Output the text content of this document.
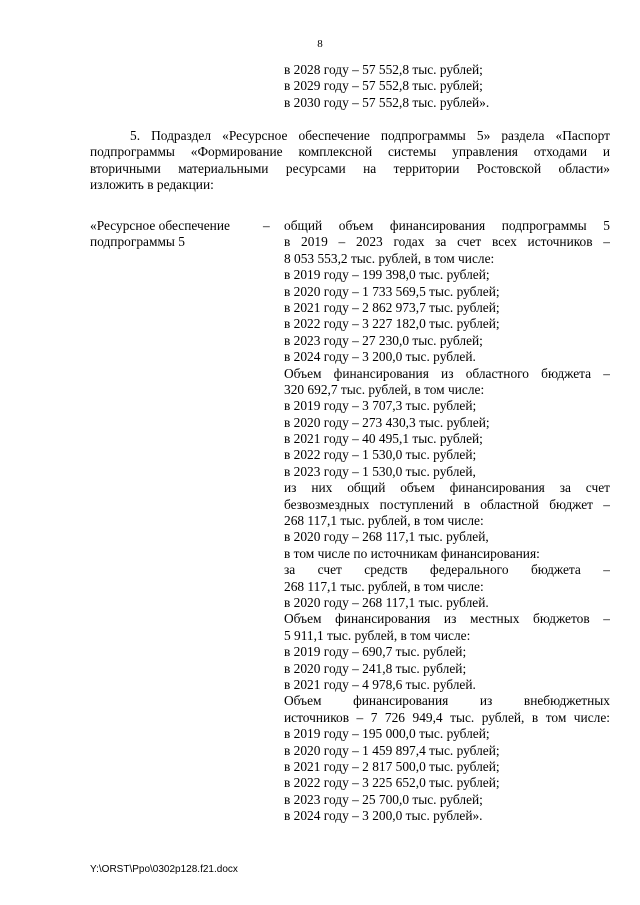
8
в 2028 году – 57 552,8 тыс. рублей;
в 2029 году – 57 552,8 тыс. рублей;
в 2030 году – 57 552,8 тыс. рублей».
5. Подраздел «Ресурсное обеспечение подпрограммы 5» раздела «Паспорт
подпрограммы «Формирование комплексной системы управления отходами и
вторичными материальными ресурсами на территории Ростовской области»
изложить в редакции:
«Ресурсное обеспечение
подпрограммы 5
– общий объем финансирования подпрограммы 5
в 2019 – 2023 годах за счет всех источников –
8 053 553,2 тыс. рублей, в том числе:
в 2019 году – 199 398,0 тыс. рублей;
в 2020 году – 1 733 569,5 тыс. рублей;
в 2021 году – 2 862 973,7 тыс. рублей;
в 2022 году – 3 227 182,0 тыс. рублей;
в 2023 году – 27 230,0 тыс. рублей;
в 2024 году – 3 200,0 тыс. рублей.
Объем финансирования из областного бюджета –
320 692,7 тыс. рублей, в том числе:
в 2019 году – 3 707,3 тыс. рублей;
в 2020 году – 273 430,3 тыс. рублей;
в 2021 году – 40 495,1 тыс. рублей;
в 2022 году – 1 530,0 тыс. рублей;
в 2023 году – 1 530,0 тыс. рублей,
из них общий объем финансирования за счет
безвозмездных поступлений в областной бюджет –
268 117,1 тыс. рублей, в том числе:
в 2020 году – 268 117,1 тыс. рублей,
в том числе по источникам финансирования:
за счет средств федерального бюджета –
268 117,1 тыс. рублей, в том числе:
в 2020 году – 268 117,1 тыс. рублей.
Объем финансирования из местных бюджетов –
5 911,1 тыс. рублей, в том числе:
в 2019 году – 690,7 тыс. рублей;
в 2020 году – 241,8 тыс. рублей;
в 2021 году – 4 978,6 тыс. рублей.
Объем финансирования из внебюджетных
источников – 7 726 949,4 тыс. рублей, в том числе:
в 2019 году – 195 000,0 тыс. рублей;
в 2020 году – 1 459 897,4 тыс. рублей;
в 2021 году – 2 817 500,0 тыс. рублей;
в 2022 году – 3 225 652,0 тыс. рублей;
в 2023 году – 25 700,0 тыс. рублей;
в 2024 году – 3 200,0 тыс. рублей».
Y:\ORST\Ppo\0302p128.f21.docx
